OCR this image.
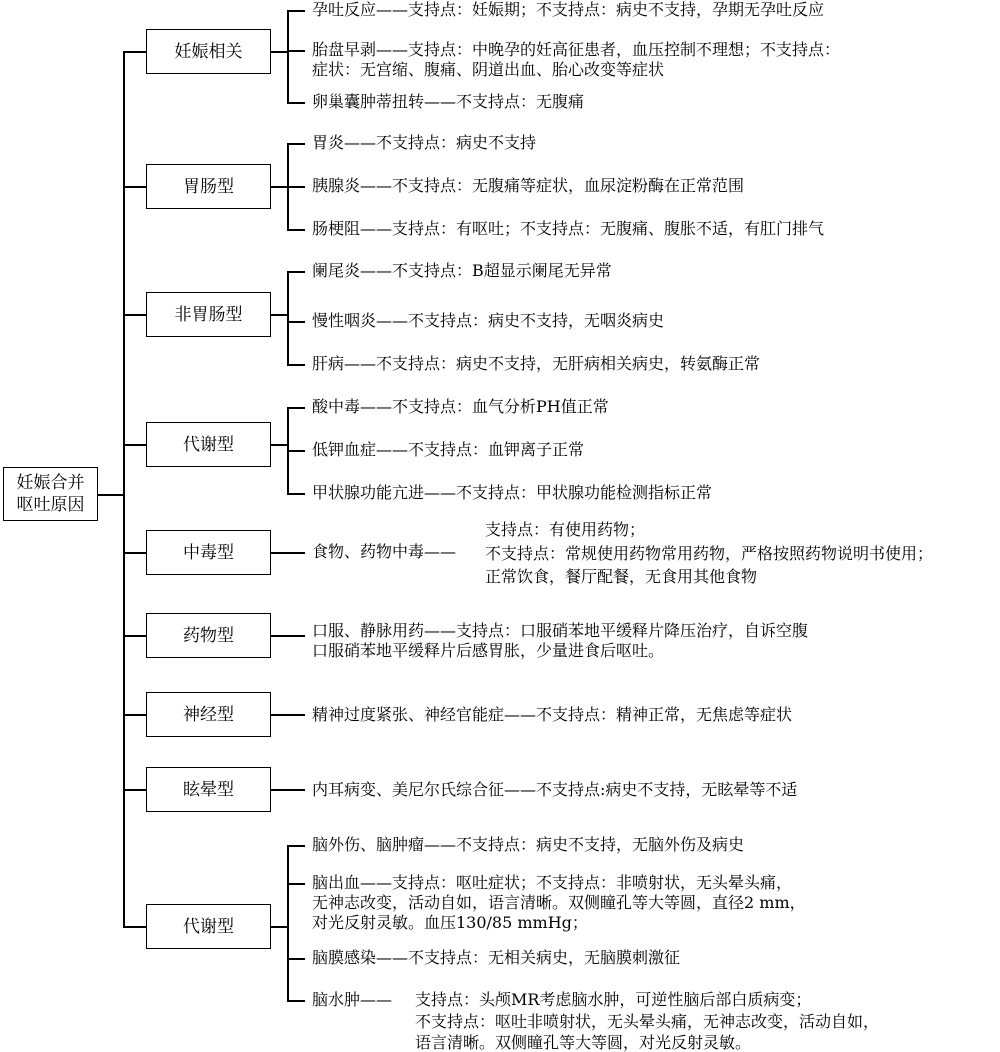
妊娠合并
呕吐原因
妊娠相关
胃肠型
非胃肠型
代谢型
中毒型
药物型
神经型
眩晕型
代谢型
孕吐反应——支持点：妊娠期；不支持点：病史不支持，孕期无孕吐反应
胎盘早剥——支持点：中晚孕的妊高征患者，血压控制不理想；不支持点：
症状：无宫缩、腹痛、阴道出血、胎心改变等症状
卵巢囊肿蒂扭转——不支持点：无腹痛
胃炎——不支持点：病史不支持
胰腺炎——不支持点：无腹痛等症状，血尿淀粉酶在正常范围
肠梗阻——支持点：有呕吐；不支持点：无腹痛、腹胀不适，有肛门排气
阑尾炎——不支持点：B超显示阑尾无异常
慢性咽炎——不支持点：病史不支持，无咽炎病史
肝病——不支持点：病史不支持，无肝病相关病史，转氨酶正常
酸中毒——不支持点：血气分析PH值正常
低钾血症——不支持点：血钾离子正常
甲状腺功能亢进——不支持点：甲状腺功能检测指标正常
食物、药物中毒——
支持点：有使用药物；
不支持点：常规使用药物常用药物，严格按照药物说明书使用；
正常饮食，餐厅配餐，无食用其他食物
口服、静脉用药——支持点：口服硝苯地平缓释片降压治疗，自诉空腹
口服硝苯地平缓释片后感胃胀，少量进食后呕吐。
精神过度紧张、神经官能症——不支持点：精神正常，无焦虑等症状
内耳病变、美尼尔氏综合征——不支持点:病史不支持，无眩晕等不适
脑外伤、脑肿瘤——不支持点：病史不支持，无脑外伤及病史
脑出血——支持点：呕吐症状；不支持点：非喷射状，无头晕头痛，
无神志改变，活动自如，语言清晰。双侧瞳孔等大等圆，直径2 mm，
对光反射灵敏。血压130/85 mmHg；
脑膜感染——不支持点：无相关病史，无脑膜刺激征
脑水肿—— 支持点：头颅MR考虑脑水肿，可逆性脑后部白质病变；
不支持点：呕吐非喷射状，无头晕头痛，无神志改变，活动自如，
语言清晰。双侧瞳孔等大等圆，对光反射灵敏。
